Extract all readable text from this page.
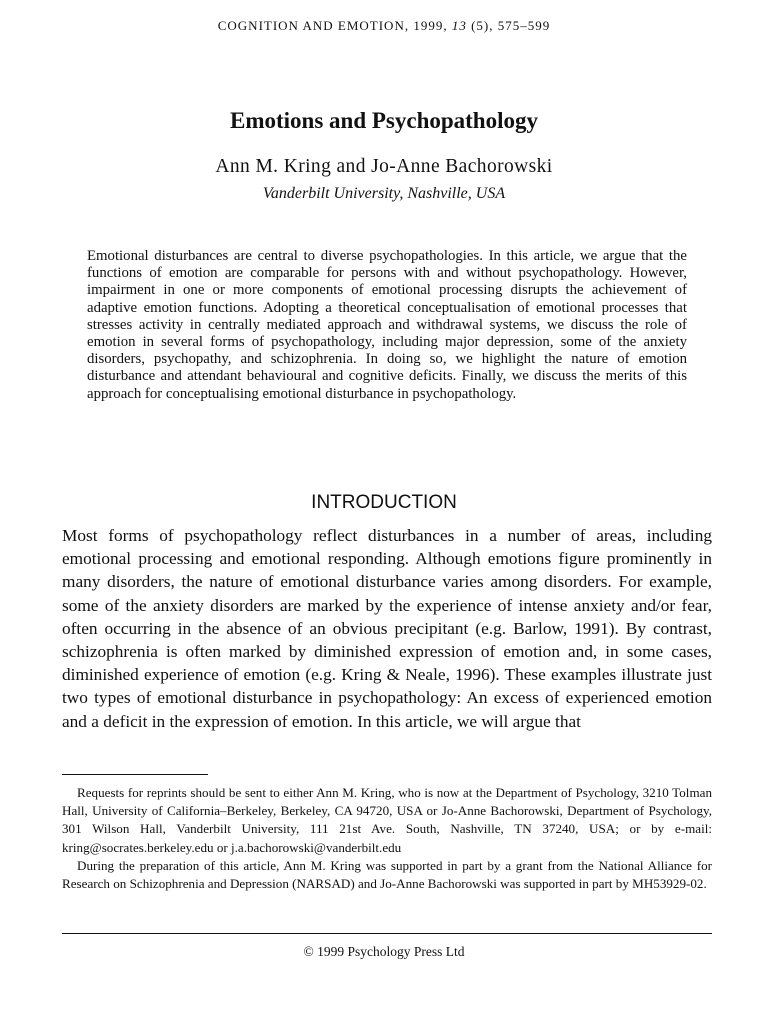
COGNITION AND EMOTION, 1999, 13 (5), 575–599
Emotions and Psychopathology
Ann M. Kring and Jo-Anne Bachorowski
Vanderbilt University, Nashville, USA

Emotional disturbances are central to diverse psychopathologies. In this article, we argue that the functions of emotion are comparable for persons with and without psychopathology. However, impairment in one or more components of emotional processing disrupts the achievement of adaptive emotion functions. Adopting a theoretical conceptualisation of emotional processes that stresses activity in centrally mediated approach and withdrawal systems, we discuss the role of emotion in several forms of psychopathology, including major depression, some of the anxiety disorders, psychopathy, and schizophrenia. In doing so, we highlight the nature of emotion disturbance and attendant behavioural and cognitive deficits. Finally, we discuss the merits of this approach for conceptualising emotional disturbance in psychopathology.

INTRODUCTION

Most forms of psychopathology reflect disturbances in a number of areas, including emotional processing and emotional responding. Although emotions figure prominently in many disorders, the nature of emotional disturbance varies among disorders. For example, some of the anxiety disorders are marked by the experience of intense anxiety and/or fear, often occurring in the absence of an obvious precipitant (e.g. Barlow, 1991). By contrast, schizophrenia is often marked by diminished expression of emotion and, in some cases, diminished experience of emotion (e.g. Kring & Neale, 1996). These examples illustrate just two types of emotional disturbance in psychopathology: An excess of experienced emotion and a deficit in the expression of emotion. In this article, we will argue that

Requests for reprints should be sent to either Ann M. Kring, who is now at the Department of Psychology, 3210 Tolman Hall, University of California–Berkeley, Berkeley, CA 94720, USA or Jo-Anne Bachorowski, Department of Psychology, 301 Wilson Hall, Vanderbilt University, 111 21st Ave. South, Nashville, TN 37240, USA; or by e-mail: kring@socrates.berkeley.edu or j.a.bachorowski@vanderbilt.edu

During the preparation of this article, Ann M. Kring was supported in part by a grant from the National Alliance for Research on Schizophrenia and Depression (NARSAD) and Jo-Anne Bachorowski was supported in part by MH53929-02.

© 1999 Psychology Press Ltd
